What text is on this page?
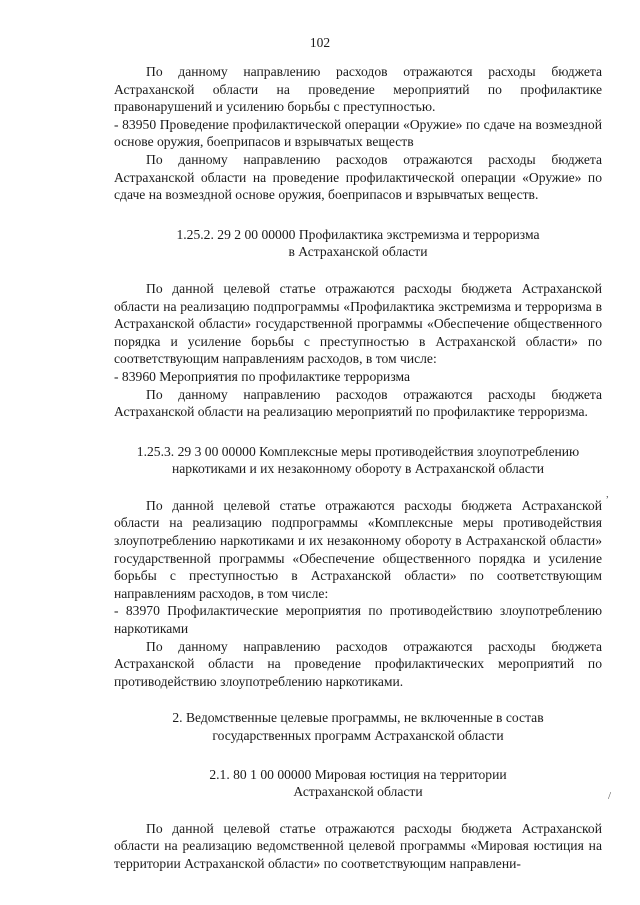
102

По данному направлению расходов отражаются расходы бюджета Астраханской области на проведение мероприятий по профилактике правонарушений и усилению борьбы с преступностью.

- 83950 Проведение профилактической операции «Оружие» по сдаче на возмездной основе оружия, боеприпасов и взрывчатых веществ

По данному направлению расходов отражаются расходы бюджета Астраханской области на проведение профилактической операции «Оружие» по сдаче на возмездной основе оружия, боеприпасов и взрывчатых веществ.

1.25.2. 29 2 00 00000 Профилактика экстремизма и терроризма
в Астраханской области

По данной целевой статье отражаются расходы бюджета Астраханской области на реализацию подпрограммы «Профилактика экстремизма и терроризма в Астраханской области» государственной программы «Обеспечение общественного порядка и усиление борьбы с преступностью в Астраханской области» по соответствующим направлениям расходов, в том числе:

- 83960 Мероприятия по профилактике терроризма

По данному направлению расходов отражаются расходы бюджета Астраханской области на реализацию мероприятий по профилактике терроризма.

1.25.3. 29 3 00 00000 Комплексные меры противодействия злоупотреблению
наркотиками и их незаконному обороту в Астраханской области

По данной целевой статье отражаются расходы бюджета Астраханской области на реализацию подпрограммы «Комплексные меры противодействия злоупотреблению наркотиками и их незаконному обороту в Астраханской области» государственной программы «Обеспечение общественного порядка и усиление борьбы с преступностью в Астраханской области» по соответствующим направлениям расходов, в том числе:

- 83970 Профилактические мероприятия по противодействию злоупотреблению наркотиками

По данному направлению расходов отражаются расходы бюджета Астраханской области на проведение профилактических мероприятий по противодействию злоупотреблению наркотиками.

2. Ведомственные целевые программы, не включенные в состав
государственных программ Астраханской области
2.1. 80 1 00 00000 Мировая юстиция на территории
Астраханской области

По данной целевой статье отражаются расходы бюджета Астраханской области на реализацию ведомственной целевой программы «Мировая юстиция на территории Астраханской области» по соответствующим направлени-

,
/
